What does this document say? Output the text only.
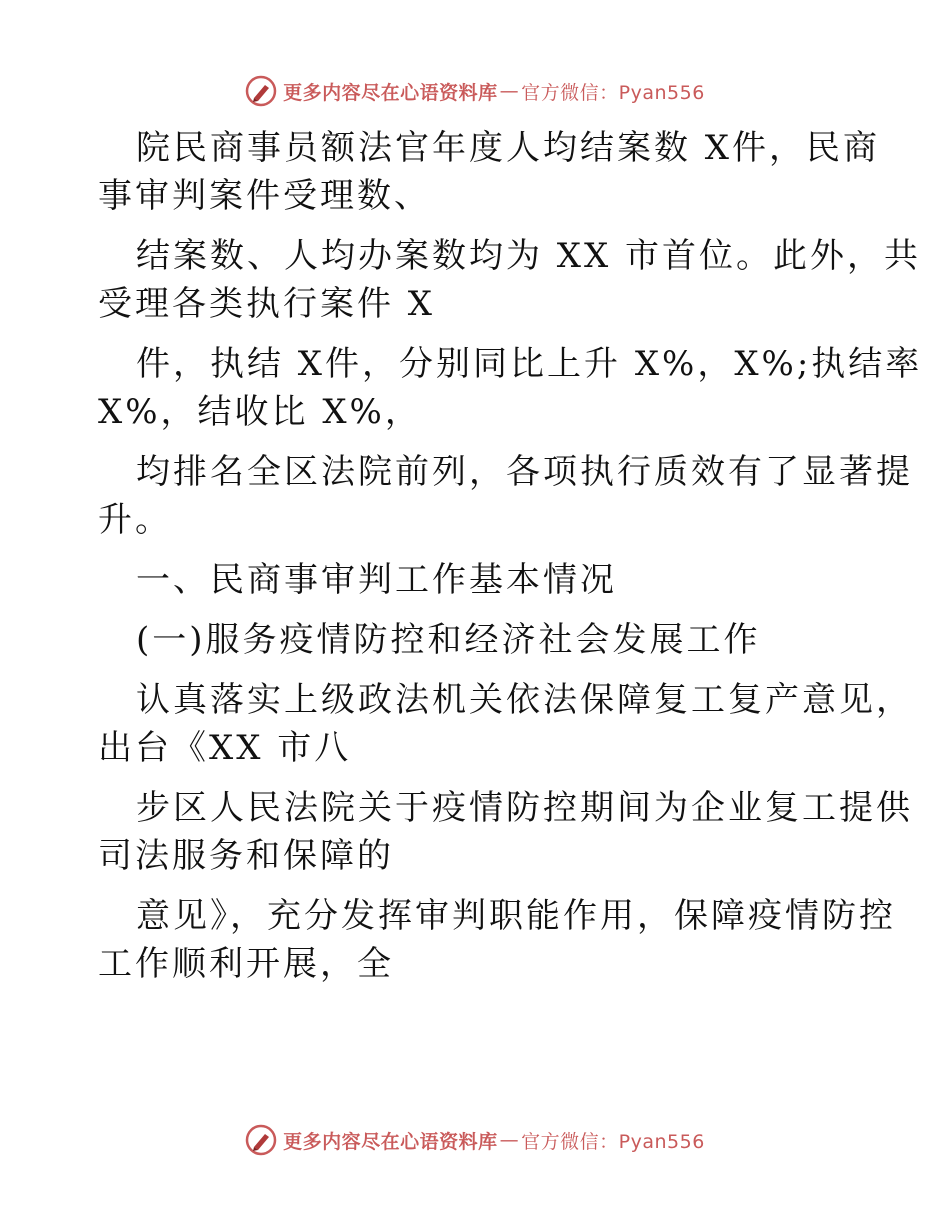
更多内容尽在心语资料库 — 官方微信：Pyan556
院民商事员额法官年度人均结案数 X件，民商
事审判案件受理数、
结案数、人均办案数均为 XX 市首位。此外，共
受理各类执行案件 X
件，执结 X件，分别同比上升 X%，X%;执结率
X%，结收比 X%，
均排名全区法院前列，各项执行质效有了显著提
升。
一、民商事审判工作基本情况
(一)服务疫情防控和经济社会发展工作
认真落实上级政法机关依法保障复工复产意见，
出台《XX 市八
步区人民法院关于疫情防控期间为企业复工提供
司法服务和保障的
意见》，充分发挥审判职能作用，保障疫情防控
工作顺利开展，全
更多内容尽在心语资料库 — 官方微信：Pyan556
